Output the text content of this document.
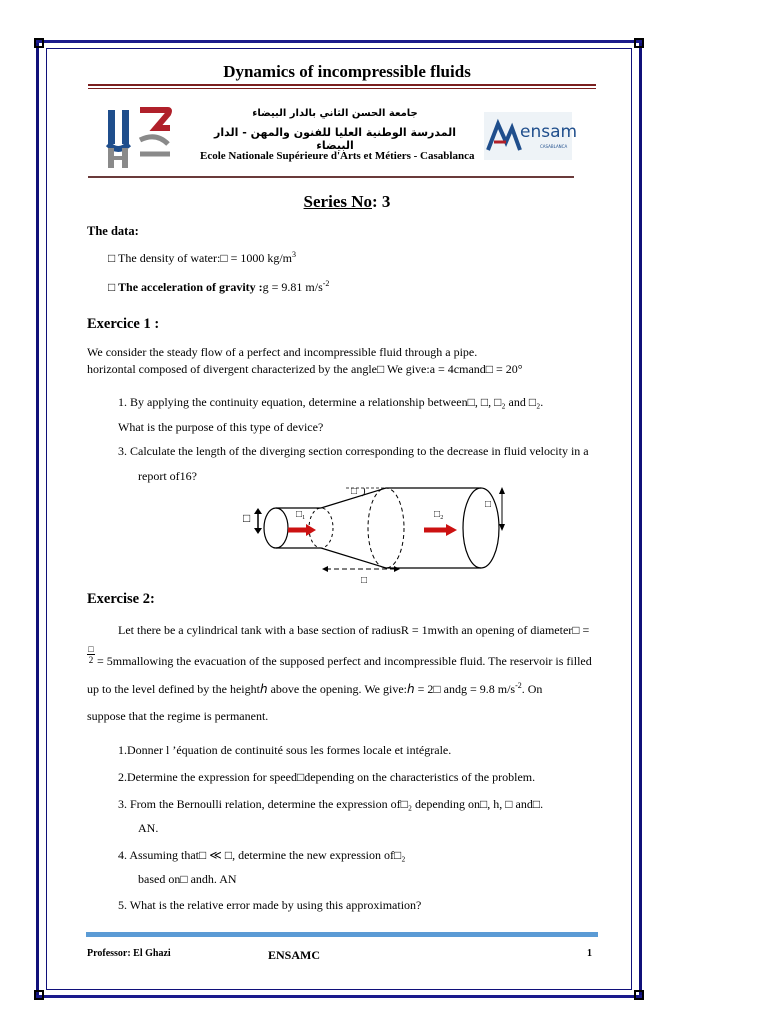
Dynamics of incompressible fluids
جامعة الحسن الثاني بالدار البيضاء
المدرسة الوطنية العليا للفنون والمهن - الدار البيضاء
Ecole Nationale Supérieure d'Arts et Métiers - Casablanca
ensam
CASABLANCA
Series No: 3
The data:
□ The density of water:□ = 1000 $kg/m^3$
□ The acceleration of gravity :g = 9.81 $m/s^{-2}$
Exercice 1 :
We consider the steady flow of a perfect and incompressible fluid through a pipe.
horizontal composed of divergent characterized by the angle□ We give:a = 4cmand□ = 20°
1. By applying the continuity equation, determine a relationship between□, □, □₂ and □₂.
What is the purpose of this type of device?
3. Calculate the length of the diverging section corresponding to the decrease in fluid velocity in a
report of16?
□	□₁	□₂
□
□
□
Exercise 2:
Let there be a cylindrical tank with a base section of radiusR = 1mwith an opening of diameter□ =
□
2 = 5mmallowing the evacuation of the supposed perfect and incompressible fluid. The reservoir is filled
up to the level defined by the heighth above the opening. We give:h = 2□ andg = 9.8 $m/s^{-2}$. On
suppose that the regime is permanent.
1.Donner l ’équation de continuité sous les formes locale et intégrale.
2.Determine the expression for speed□depending on the characteristics of the problem.
3. From the Bernoulli relation, determine the expression of□₂ depending on□, h, □ and□.
AN.
4. Assuming that□ ≪ □, determine the new expression of□₂
based on□ andh. AN
5. What is the relative error made by using this approximation?
Professor: El Ghazi	ENSAMC	1
